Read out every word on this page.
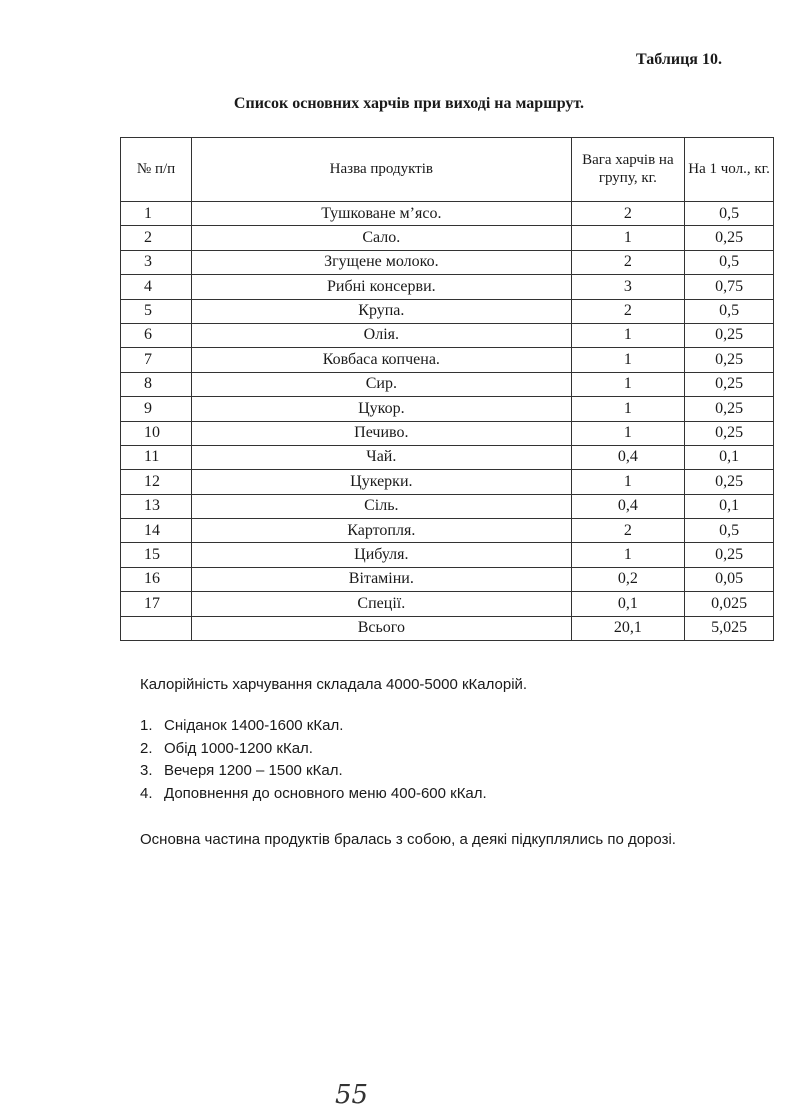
Таблиця 10.
Список основних харчів при виході на маршрут.
№ п/п	Назва продуктів	Вага харчів на групу, кг.	На 1 чол., кг.
1	Тушковане м’ясо.	2	0,5
2	Сало.	1	0,25
3	Згущене молоко.	2	0,5
4	Рибні консерви.	3	0,75
5	Крупа.	2	0,5
6	Олія.	1	0,25
7	Ковбаса копчена.	1	0,25
8	Сир.	1	0,25
9	Цукор.	1	0,25
10	Печиво.	1	0,25
11	Чай.	0,4	0,1
12	Цукерки.	1	0,25
13	Сіль.	0,4	0,1
14	Картопля.	2	0,5
15	Цибуля.	1	0,25
16	Вітаміни.	0,2	0,05
17	Спеції.	0,1	0,025
	Всього	20,1	5,025
Калорійність харчування складала 4000-5000 кКалорій.
1. Сніданок 1400-1600 кКал.
2. Обід 1000-1200 кКал.
3. Вечеря 1200 – 1500 кКал.
4. Доповнення до основного меню 400-600 кКал.
Основна частина продуктів бралась з собою, а деякі підкуплялись по дорозі.
55
